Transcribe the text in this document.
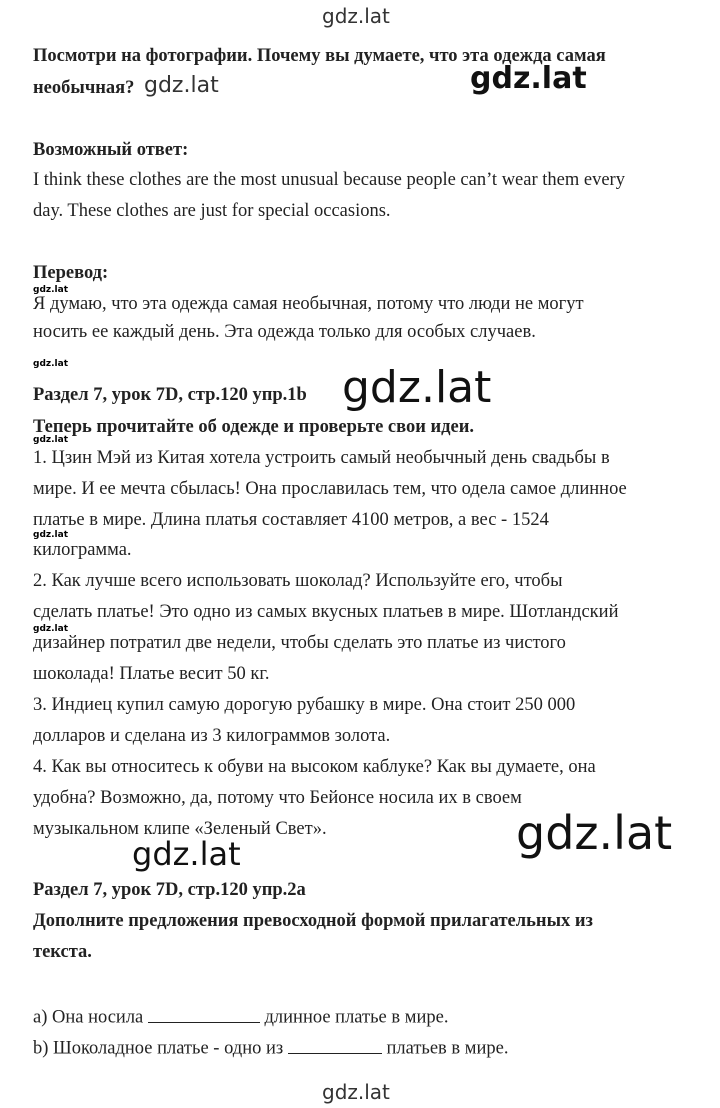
gdz.lat
gdz.lat
Посмотри на фотографии. Почему вы думаете, что эта одежда самая
необычная?
Возможный ответ:
I think these clothes are the most unusual because people can’t wear them every
day. These clothes are just for special occasions.
Перевод:
Я думаю, что эта одежда самая необычная, потому что люди не могут
носить ее каждый день. Эта одежда только для особых случаев.
Раздел 7, урок 7D, стр.120 упр.1b
Теперь прочитайте об одежде и проверьте свои идеи.
1. Цзин Мэй из Китая хотела устроить самый необычный день свадьбы в
мире. И ее мечта сбылась! Она прославилась тем, что одела самое длинное
платье в мире. Длина платья составляет 4100 метров, а вес - 1524
килограмма.
2. Как лучше всего использовать шоколад? Используйте его, чтобы
сделать платье! Это одно из самых вкусных платьев в мире. Шотландский
дизайнер потратил две недели, чтобы сделать это платье из чистого
шоколада! Платье весит 50 кг.
3. Индиец купил самую дорогую рубашку в мире. Она стоит 250 000
долларов и сделана из 3 килограммов золота.
4. Как вы относитесь к обуви на высоком каблуке? Как вы думаете, она
удобна? Возможно, да, потому что Бейонсе носила их в своем
музыкальном клипе «Зеленый Свет».
Раздел 7, урок 7D, стр.120 упр.2a
Дополните предложения превосходной формой прилагательных из
текста.
a) Она носила	длинное платье в мире.
b) Шоколадное платье - одно из	платьев в мире.
gdz.lat	gdz.lat
gdz.lat
gdz.lat
gdz.lat
gdz.lat
gdz.lat
gdz.lat
gdz.lat
gdz.lat
